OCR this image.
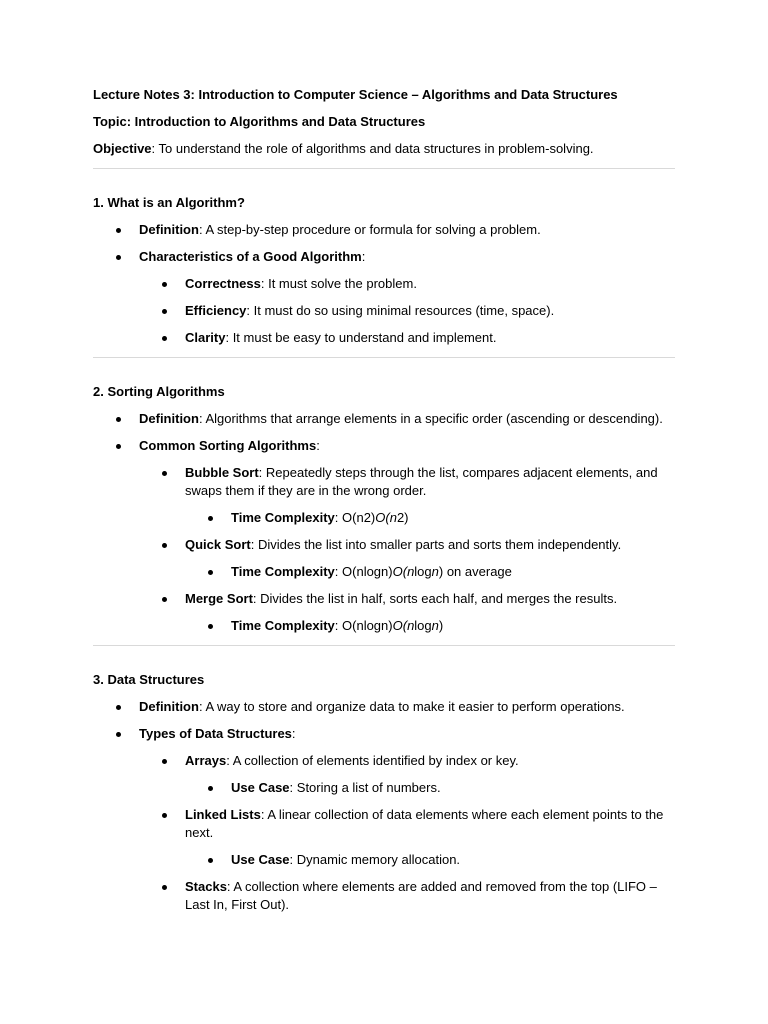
Lecture Notes 3: Introduction to Computer Science – Algorithms and Data Structures

Topic: Introduction to Algorithms and Data Structures

Objective: To understand the role of algorithms and data structures in problem-solving.

1. What is an Algorithm?

Definition: A step-by-step procedure or formula for solving a problem.
Characteristics of a Good Algorithm:
Correctness: It must solve the problem.
Efficiency: It must do so using minimal resources (time, space).
Clarity: It must be easy to understand and implement.

2. Sorting Algorithms

Definition: Algorithms that arrange elements in a specific order (ascending or descending).
Common Sorting Algorithms:
Bubble Sort: Repeatedly steps through the list, compares adjacent elements, and swaps them if they are in the wrong order.
Time Complexity: O(n2)O(n2)
Quick Sort: Divides the list into smaller parts and sorts them independently.
Time Complexity: O(nlogn)O(nlogn) on average
Merge Sort: Divides the list in half, sorts each half, and merges the results.
Time Complexity: O(nlogn)O(nlogn)

3. Data Structures

Definition: A way to store and organize data to make it easier to perform operations.
Types of Data Structures:
Arrays: A collection of elements identified by index or key.
Use Case: Storing a list of numbers.
Linked Lists: A linear collection of data elements where each element points to the next.
Use Case: Dynamic memory allocation.
Stacks: A collection where elements are added and removed from the top (LIFO – Last In, First Out).
